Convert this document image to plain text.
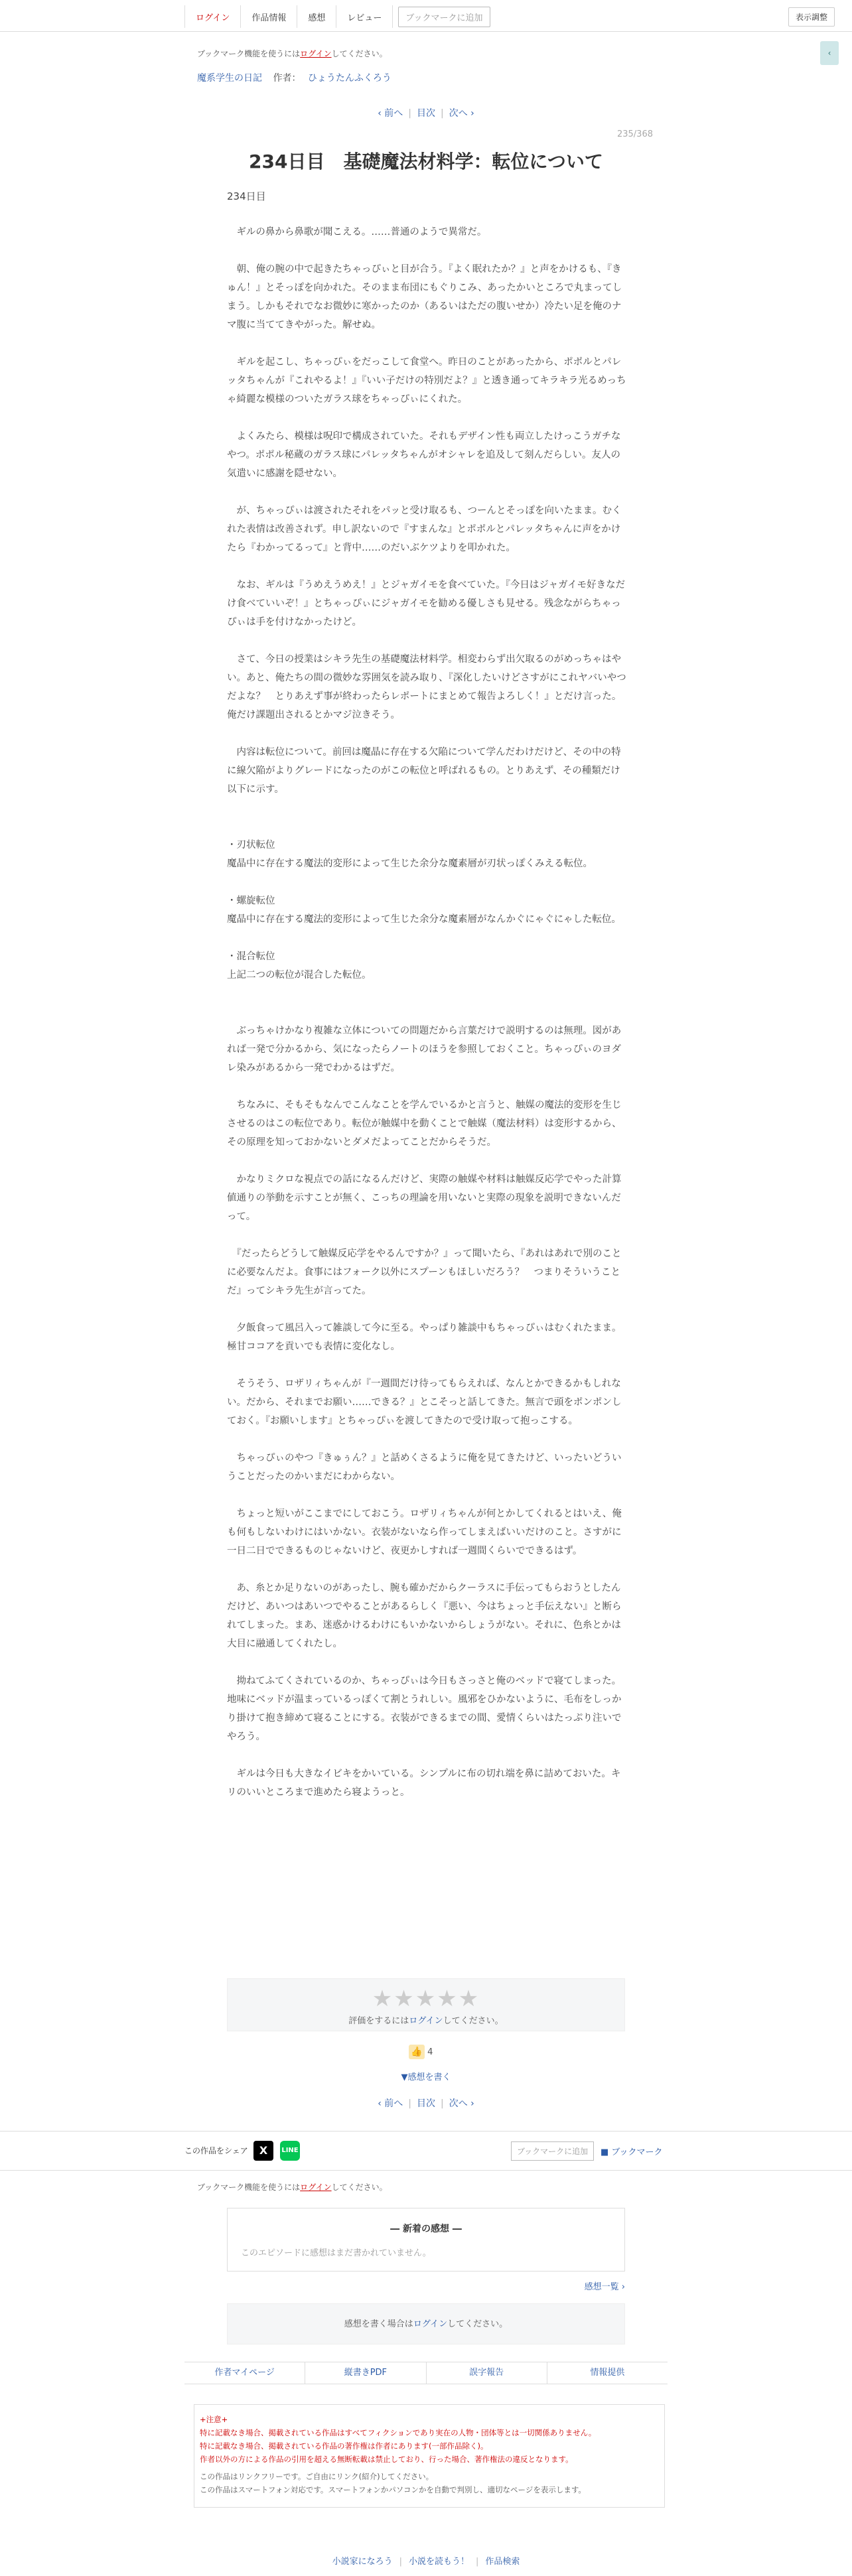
ログイン	作品情報	感想	レビュー	ブックマークに追加	表示調整
ブックマーク機能を使うにはログインしてください。	‹
魔系学生の日記 作者： ひょうたんふくろう
‹ 前へ | 目次 | 次へ ›
235/368
234日目　基礎魔法材料学：転位について
234日目

　ギルの鼻から鼻歌が聞こえる。……普通のようで異常だ。

　朝、俺の腕の中で起きたちゃっぴぃと目が合う。『よく眠れたか？』と声をかけるも、『きゅん！』とそっぽを向かれた。そのまま布団にもぐりこみ、あったかいところで丸まってしまう。しかもそれでなお微妙に寒かったのか（あるいはただの腹いせか）冷たい足を俺のナマ腹に当ててきやがった。解せぬ。

　ギルを起こし、ちゃっぴぃをだっこして食堂へ。昨日のことがあったから、ポポルとパレッタちゃんが『これやるよ！』『いい子だけの特別だよ？』と透き通ってキラキラ光るめっちゃ綺麗な模様のついたガラス球をちゃっぴぃにくれた。

　よくみたら、模様は呪印で構成されていた。それもデザイン性も両立したけっこうガチなやつ。ポポル秘蔵のガラス球にパレッタちゃんがオシャレを追及して刻んだらしい。友人の気遣いに感謝を隠せない。

　が、ちゃっぴぃは渡されたそれをパッと受け取るも、つーんとそっぽを向いたまま。むくれた表情は改善されず。申し訳ないので『すまんな』とポポルとパレッタちゃんに声をかけたら『わかってるって』と背中……のだいぶケツよりを叩かれた。

　なお、ギルは『うめえうめえ！』とジャガイモを食べていた。『今日はジャガイモ好きなだけ食べていいぞ！』とちゃっぴぃにジャガイモを勧める優しさも見せる。残念ながらちゃっぴぃは手を付けなかったけど。

　さて、今日の授業はシキラ先生の基礎魔法材料学。相変わらず出欠取るのがめっちゃはやい。あと、俺たちの間の微妙な雰囲気を読み取り、『深化したいけどさすがにこれヤバいやつだよな？　とりあえず事が終わったらレポートにまとめて報告よろしく！』とだけ言った。俺だけ課題出されるとかマジ泣きそう。

　内容は転位について。前回は魔晶に存在する欠陥について学んだわけだけど、その中の特に線欠陥がよりグレードになったのがこの転位と呼ばれるもの。とりあえず、その種類だけ以下に示す。

・刃状転位
魔晶中に存在する魔法的変形によって生じた余分な魔素層が刃状っぽくみえる転位。

・螺旋転位
魔晶中に存在する魔法的変形によって生じた余分な魔素層がなんかぐにゃぐにゃした転位。

・混合転位
上記二つの転位が混合した転位。

　ぶっちゃけかなり複雑な立体についての問題だから言葉だけで説明するのは無理。図があれば一発で分かるから、気になったらノートのほうを参照しておくこと。ちゃっぴぃのヨダレ染みがあるから一発でわかるはずだ。

　ちなみに、そもそもなんでこんなことを学んでいるかと言うと、触媒の魔法的変形を生じさせるのはこの転位であり。転位が触媒中を動くことで触媒（魔法材料）は変形するから、その原理を知っておかないとダメだよってことだからそうだ。

　かなりミクロな視点での話になるんだけど、実際の触媒や材料は触媒反応学でやった計算値通りの挙動を示すことが無く、こっちの理論を用いないと実際の現象を説明できないんだって。

　『だったらどうして触媒反応学をやるんですか？』って聞いたら、『あれはあれで別のことに必要なんだよ。食事にはフォーク以外にスプーンもほしいだろう？　つまりそういうことだ』ってシキラ先生が言ってた。

　夕飯食って風呂入って雑談して今に至る。やっぱり雑談中もちゃっぴぃはむくれたまま。極甘ココアを貢いでも表情に変化なし。

　そうそう、ロザリィちゃんが『一週間だけ待ってもらえれば、なんとかできるかもしれない。だから、それまでお願い……できる？』とこそっと話してきた。無言で頭をポンポンしておく。『お願いします』とちゃっぴぃを渡してきたので受け取って抱っこする。

　ちゃっぴぃのやつ『きゅぅん？』と話めくさるように俺を見てきたけど、いったいどういうことだったのかいまだにわからない。

　ちょっと短いがここまでにしておこう。ロザリィちゃんが何とかしてくれるとはいえ、俺も何もしないわけにはいかない。衣装がないなら作ってしまえばいいだけのこと。さすがに一日二日でできるものじゃないけど、夜更かしすれば一週間くらいでできるはず。

　あ、糸とか足りないのがあったし、腕も確かだからクーラスに手伝ってもらおうとしたんだけど、あいつはあいつでやることがあるらしく『悪い、今はちょっと手伝えない』と断られてしまった。まあ、迷惑かけるわけにもいかないからしょうがない。それに、色糸とかは大目に融通してくれたし。

　拗ねてふてくされているのか、ちゃっぴぃは今日もさっさと俺のベッドで寝てしまった。地味にベッドが温まっているっぽくて割とうれしい。風邪をひかないように、毛布をしっかり掛けて抱き締めて寝ることにする。衣装ができるまでの間、愛情くらいはたっぷり注いでやろう。

　ギルは今日も大きなイビキをかいている。シンプルに布の切れ端を鼻に詰めておいた。キリのいいところまで進めたら寝ようっと。

★★★★★
評価をするにはログインしてください。
👍 4
▼感想を書く
‹ 前へ | 目次 | 次へ ›
この作品をシェア	X	LINE	ブックマークに追加	■ ブックマーク
ブックマーク機能を使うにはログインしてください。
― 新着の感想 ―
このエピソードに感想はまだ書かれていません。
感想一覧 ›
感想を書く場合はログインしてください。
作者マイページ	縦書きPDF	誤字報告	情報提供
+注意+
特に記載なき場合、掲載されている作品はすべてフィクションであり実在の人物・団体等とは一切関係ありません。
特に記載なき場合、掲載されている作品の著作権は作者にあります(一部作品除く)。
作者以外の方による作品の引用を超える無断転載は禁止しており、行った場合、著作権法の違反となります。
この作品はリンクフリーです。ご自由にリンク(紹介)してください。
この作品はスマートフォン対応です。スマートフォンかパソコンかを自動で判別し、適切なページを表示します。
小説家になろう | 小説を読もう！ | 作品検索
